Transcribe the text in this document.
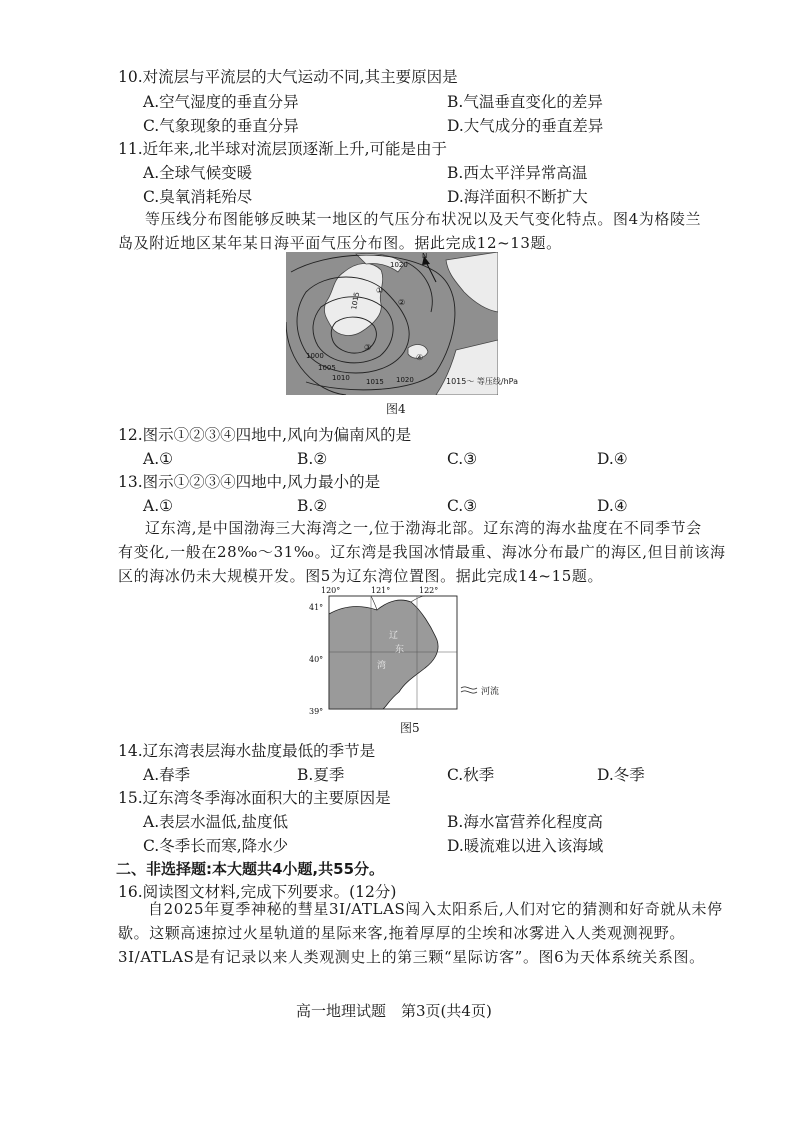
10.对流层与平流层的大气运动不同,其主要原因是
A.空气湿度的垂直分异	B.气温垂直变化的差异
C.气象现象的垂直分异	D.大气成分的垂直差异
11.近年来,北半球对流层顶逐渐上升,可能是由于
A.全球气候变暖	B.西太平洋异常高温
C.臭氧消耗殆尽	D.海洋面积不断扩大
等压线分布图能够反映某一地区的气压分布状况以及天气变化特点。图4为格陵兰
岛及附近地区某年某日海平面气压分布图。据此完成12~13题。
N
1020
1015
1000
1005
1010 1015 1020
①
②
③
④
1015～ 等压线/hPa
图4
12.图示①②③④四地中,风向为偏南风的是
A.①	B.②	C.③	D.④
13.图示①②③④四地中,风力最小的是
A.①	B.②	C.③	D.④
辽东湾,是中国渤海三大海湾之一,位于渤海北部。辽东湾的海水盐度在不同季节会
有变化,一般在28‰～31‰。辽东湾是我国冰情最重、海冰分布最广的海区,但目前该海
区的海冰仍未大规模开发。图5为辽东湾位置图。据此完成14~15题。
120°	121°	122°
41°
40°
39°
辽
东
湾
河流
图5
14.辽东湾表层海水盐度最低的季节是
A.春季	B.夏季	C.秋季	D.冬季
15.辽东湾冬季海冰面积大的主要原因是
A.表层水温低,盐度低	B.海水富营养化程度高
C.冬季长而寒,降水少	D.暖流难以进入该海域
二、非选择题:本大题共4小题,共55分。
16.阅读图文材料,完成下列要求。(12分)
自2025年夏季神秘的彗星3I/ATLAS闯入太阳系后,人们对它的猜测和好奇就从未停
歇。这颗高速掠过火星轨道的星际来客,拖着厚厚的尘埃和冰雾进入人类观测视野。
3I/ATLAS是有记录以来人类观测史上的第三颗“星际访客”。图6为天体系统关系图。
高一地理试题　第3页(共4页)
